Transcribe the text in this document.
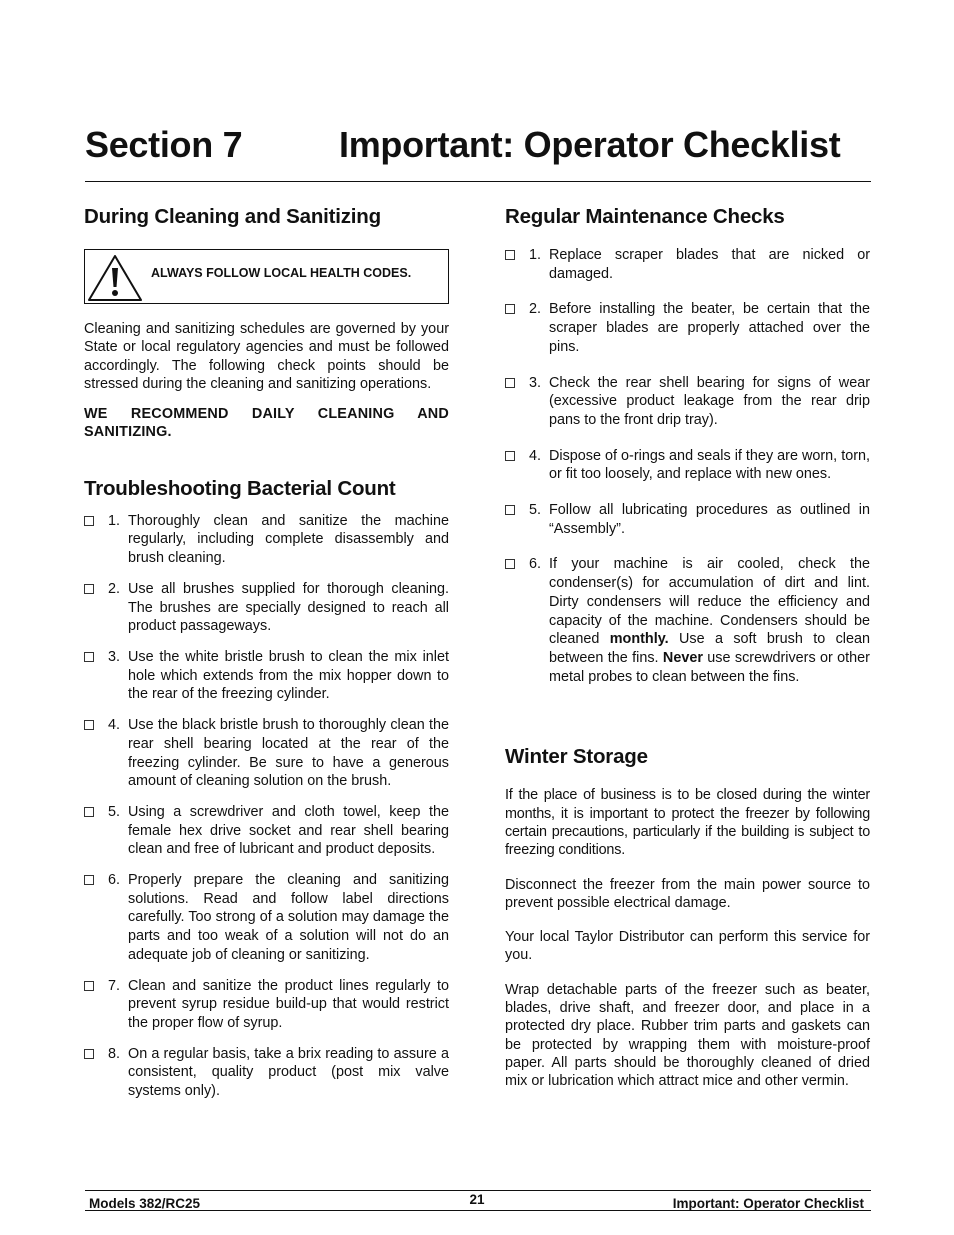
Section 7	Important: Operator Checklist
During Cleaning and Sanitizing
ALWAYS FOLLOW LOCAL HEALTH CODES.

Cleaning and sanitizing schedules are governed by your State or local regulatory agencies and must be followed accordingly. The following check points should be stressed during the cleaning and sanitizing operations.

WE RECOMMEND DAILY CLEANING AND SANITIZING.

Troubleshooting Bacterial Count
1. Thoroughly clean and sanitize the machine regularly, including complete disassembly and brush cleaning.
2. Use all brushes supplied for thorough cleaning. The brushes are specially designed to reach all product passageways.
3. Use the white bristle brush to clean the mix inlet hole which extends from the mix hopper down to the rear of the freezing cylinder.
4. Use the black bristle brush to thoroughly clean the rear shell bearing located at the rear of the freezing cylinder. Be sure to have a generous amount of cleaning solution on the brush.
5. Using a screwdriver and cloth towel, keep the female hex drive socket and rear shell bearing clean and free of lubricant and product deposits.
6. Properly prepare the cleaning and sanitizing solutions. Read and follow label directions carefully. Too strong of a solution may damage the parts and too weak of a solution will not do an adequate job of cleaning or sanitizing.
7. Clean and sanitize the product lines regularly to prevent syrup residue build-up that would restrict the proper flow of syrup.
8. On a regular basis, take a brix reading to assure a consistent, quality product (post mix valve systems only).
Regular Maintenance Checks
1. Replace scraper blades that are nicked or damaged.
2. Before installing the beater, be certain that the scraper blades are properly attached over the pins.
3. Check the rear shell bearing for signs of wear (excessive product leakage from the rear drip pans to the front drip tray).
4. Dispose of o-rings and seals if they are worn, torn, or fit too loosely, and replace with new ones.
5. Follow all lubricating procedures as outlined in “Assembly”.
6. If your machine is air cooled, check the condenser(s) for accumulation of dirt and lint. Dirty condensers will reduce the efficiency and capacity of the machine. Condensers should be cleaned monthly. Use a soft brush to clean between the fins. Never use screwdrivers or other metal probes to clean between the fins.
Winter Storage

If the place of business is to be closed during the winter months, it is important to protect the freezer by following certain precautions, particularly if the building is subject to freezing conditions.

Disconnect the freezer from the main power source to prevent possible electrical damage.

Your local Taylor Distributor can perform this service for you.

Wrap detachable parts of the freezer such as beater, blades, drive shaft, and freezer door, and place in a protected dry place. Rubber trim parts and gaskets can be protected by wrapping them with moisture-proof paper. All parts should be thoroughly cleaned of dried mix or lubrication which attract mice and other vermin.

Models 382/RC25	21	Important: Operator Checklist
